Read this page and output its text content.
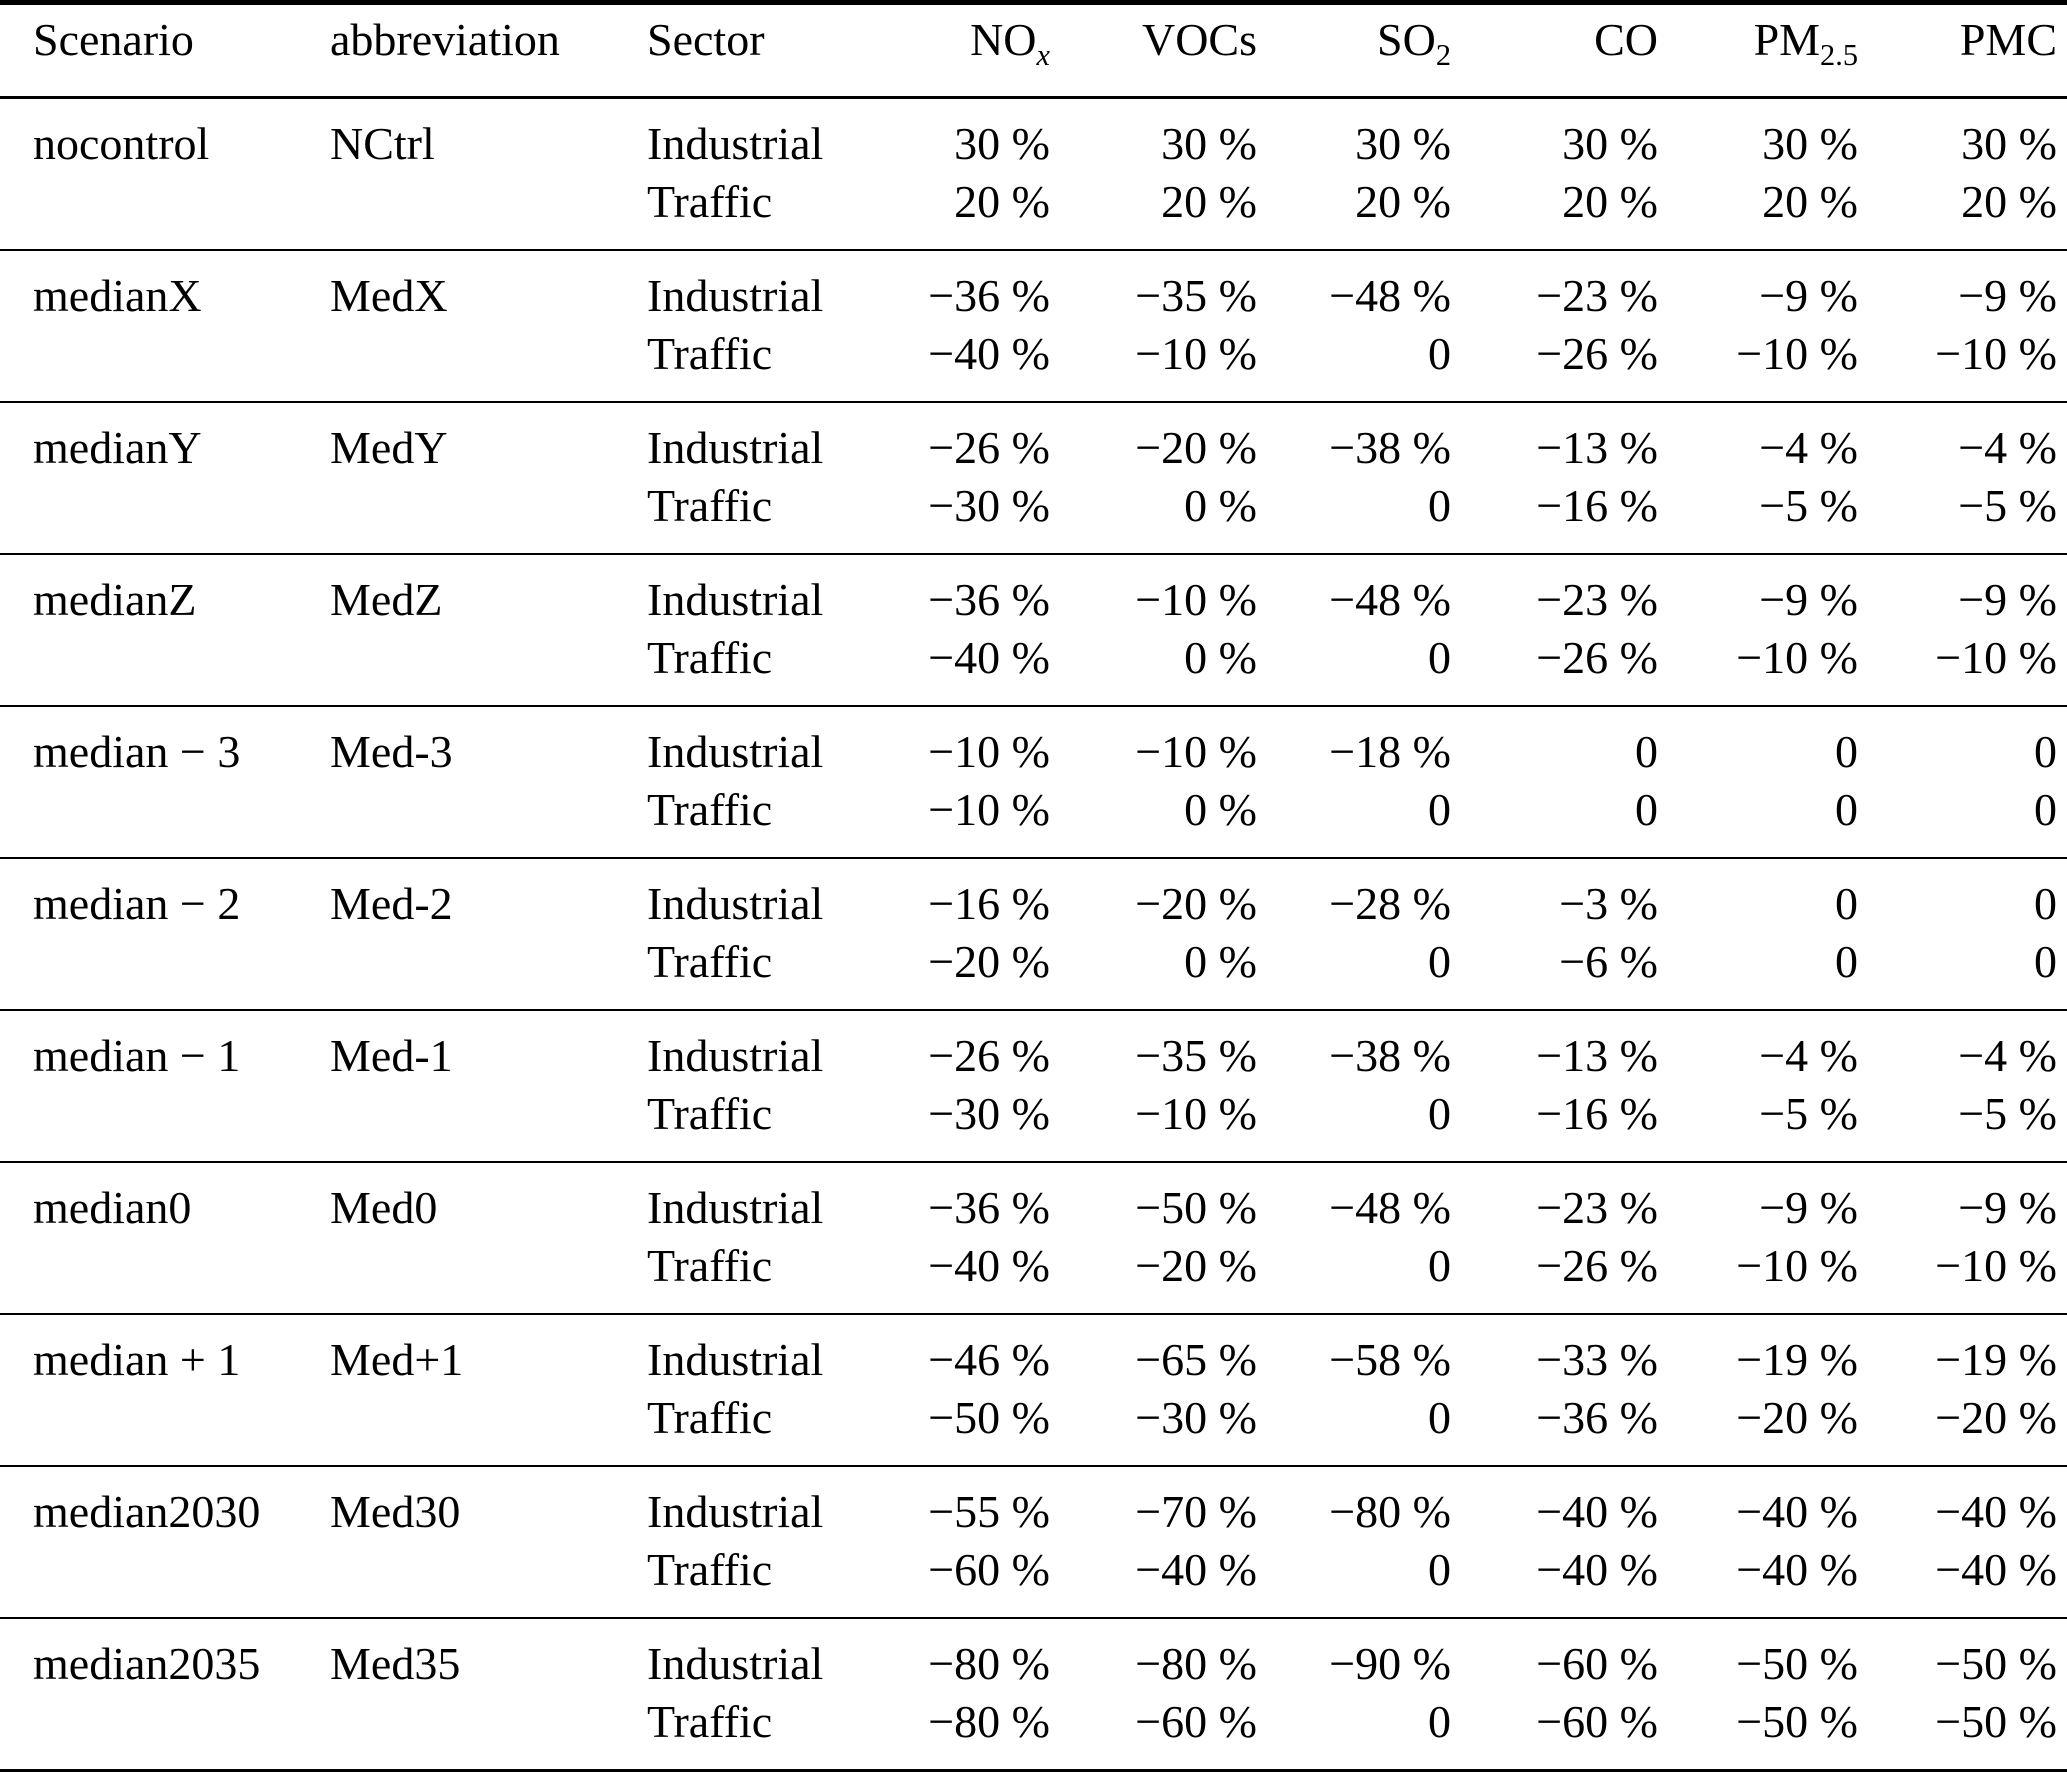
Scenario	abbreviation	Sector	$NO_x$	VOCs	$SO_2$	CO	$PM_{2.5}$	PMC
nocontrol	NCtrl	Industrial	30 %	30 %	30 %	30 %	30 %	30 %
		Traffic	20 %	20 %	20 %	20 %	20 %	20 %
medianX	MedX	Industrial	−36 %	−35 %	−48 %	−23 %	−9 %	−9 %
		Traffic	−40 %	−10 %	0	−26 %	−10 %	−10 %
medianY	MedY	Industrial	−26 %	−20 %	−38 %	−13 %	−4 %	−4 %
		Traffic	−30 %	0 %	0	−16 %	−5 %	−5 %
medianZ	MedZ	Industrial	−36 %	−10 %	−48 %	−23 %	−9 %	−9 %
		Traffic	−40 %	0 %	0	−26 %	−10 %	−10 %
median − 3	Med-3	Industrial	−10 %	−10 %	−18 %	0	0	0
		Traffic	−10 %	0 %	0	0	0	0
median − 2	Med-2	Industrial	−16 %	−20 %	−28 %	−3 %	0	0
		Traffic	−20 %	0 %	0	−6 %	0	0
median − 1	Med-1	Industrial	−26 %	−35 %	−38 %	−13 %	−4 %	−4 %
		Traffic	−30 %	−10 %	0	−16 %	−5 %	−5 %
median0	Med0	Industrial	−36 %	−50 %	−48 %	−23 %	−9 %	−9 %
		Traffic	−40 %	−20 %	0	−26 %	−10 %	−10 %
median + 1	Med+1	Industrial	−46 %	−65 %	−58 %	−33 %	−19 %	−19 %
		Traffic	−50 %	−30 %	0	−36 %	−20 %	−20 %
median2030	Med30	Industrial	−55 %	−70 %	−80 %	−40 %	−40 %	−40 %
		Traffic	−60 %	−40 %	0	−40 %	−40 %	−40 %
median2035	Med35	Industrial	−80 %	−80 %	−90 %	−60 %	−50 %	−50 %
		Traffic	−80 %	−60 %	0	−60 %	−50 %	−50 %
